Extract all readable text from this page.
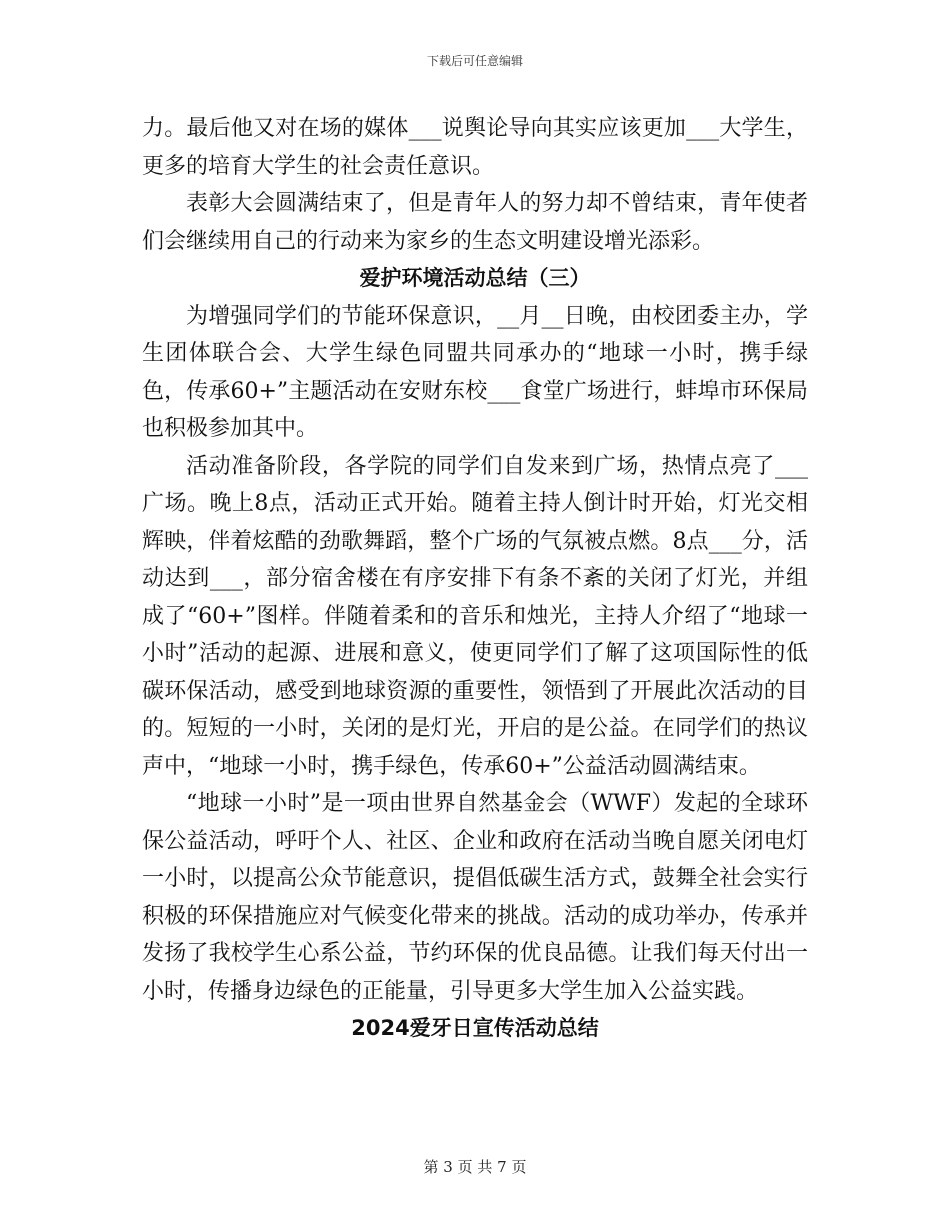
下载后可任意编辑

力。最后他又对在场的媒体___说舆论导向其实应该更加___大学生，更多的培育大学生的社会责任意识。

表彰大会圆满结束了，但是青年人的努力却不曾结束，青年使者们会继续用自己的行动来为家乡的生态文明建设增光添彩。

爱护环境活动总结（三）

为增强同学们的节能环保意识，__月__日晚，由校团委主办，学生团体联合会、大学生绿色同盟共同承办的“地球一小时，携手绿色，传承60+”主题活动在安财东校___食堂广场进行，蚌埠市环保局也积极参加其中。

活动准备阶段，各学院的同学们自发来到广场，热情点亮了___广场。晚上8点，活动正式开始。随着主持人倒计时开始，灯光交相辉映，伴着炫酷的劲歌舞蹈，整个广场的气氛被点燃。8点___分，活动达到___，部分宿舍楼在有序安排下有条不紊的关闭了灯光，并组成了“60+”图样。伴随着柔和的音乐和烛光，主持人介绍了“地球一小时”活动的起源、进展和意义，使更同学们了解了这项国际性的低碳环保活动，感受到地球资源的重要性，领悟到了开展此次活动的目的。短短的一小时，关闭的是灯光，开启的是公益。在同学们的热议声中，“地球一小时，携手绿色，传承60+”公益活动圆满结束。

“地球一小时”是一项由世界自然基金会（WWF）发起的全球环保公益活动，呼吁个人、社区、企业和政府在活动当晚自愿关闭电灯一小时，以提高公众节能意识，提倡低碳生活方式，鼓舞全社会实行积极的环保措施应对气候变化带来的挑战。活动的成功举办，传承并发扬了我校学生心系公益，节约环保的优良品德。让我们每天付出一小时，传播身边绿色的正能量，引导更多大学生加入公益实践。

2024爱牙日宣传活动总结
第 3 页 共 7 页
